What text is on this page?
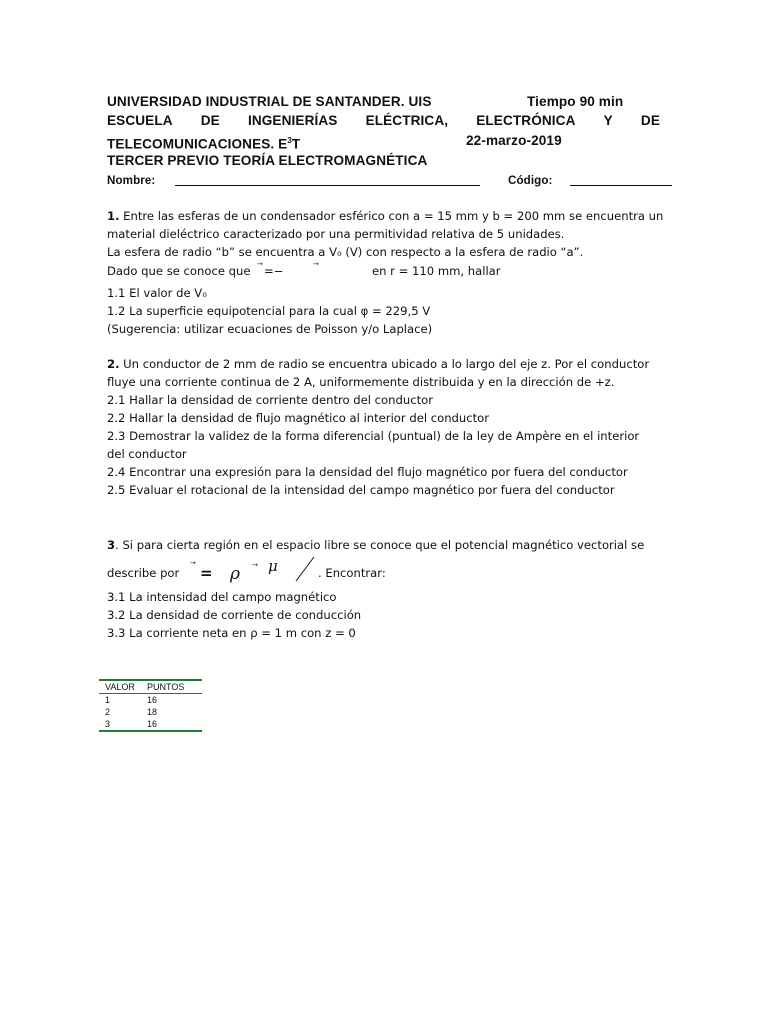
UNIVERSIDAD INDUSTRIAL DE SANTANDER. UIS	Tiempo 90 min
ESCUELA DE INGENIERÍAS ELÉCTRICA, ELECTRÓNICA Y DE
TELECOMUNICACIONES. $E^3T$	22-marzo-2019
TERCER PREVIO TEORÍA ELECTROMAGNÉTICA
Nombre:	Código:
1. Entre las esferas de un condensador esférico con a = 15 mm y b = 200 mm se encuentra un
material dieléctrico caracterizado por una permitividad relativa de 5 unidades.
La esfera de radio “b” se encuentra a V₀ (V) con respecto a la esfera de radio “a”.
Dado que se conoce que → =−	→	en r = 110 mm, hallar
1.1 El valor de V₀
1.2 La superficie equipotencial para la cual φ = 229,5 V
(Sugerencia: utilizar ecuaciones de Poisson y/o Laplace)
2. Un conductor de 2 mm de radio se encuentra ubicado a lo largo del eje z. Por el conductor
fluye una corriente continua de 2 A, uniformemente distribuida y en la dirección de +z.
2.1 Hallar la densidad de corriente dentro del conductor
2.2 Hallar la densidad de flujo magnético al interior del conductor
2.3 Demostrar la validez de la forma diferencial (puntual) de la ley de Ampère en el interior
del conductor
2.4 Encontrar una expresión para la densidad del flujo magnético por fuera del conductor
2.5 Evaluar el rotacional de la intensidad del campo magnético por fuera del conductor
3. Si para cierta región en el espacio libre se conoce que el potencial magnético vectorial se
describe por
→
= ρ → μ	. Encontrar:
3.1 La intensidad del campo magnético
3.2 La densidad de corriente de conducción
3.3 La corriente neta en ρ = 1 m con z = 0
VALOR	PUNTOS
1	16
2	18
3	16
